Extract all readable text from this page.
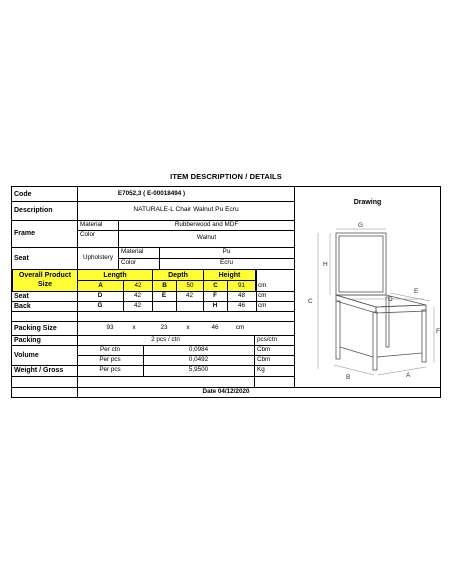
ITEM DESCRIPTION / DETAILS
Code	E7052,3 ( E-00018494 )
Description	NATURALE-L Chair Walnut Pu Ecru
Frame
Material	Rubberwood and MDF
Color	Walnut
Seat	Upholstery
Material	Pu
Color	Ecru
Overall Product
Size
Length	Depth	Height
A	42	B	50	C	91	cm
Seat	D	42	E	42	F	48	cm
Back	G	42	H	46	cm
Packing Size	93	x	23	x	46	cm
Packing	2 pcs / ctn	pcs/ctn
Volume
Per ctn	0,0984	Cbm
Per pcs	0,0492	Cbm
Weight / Gross	Per pcs	5,9500	Kg
Date 04/12/2020
Drawing
G
H
C
E
D
F
B	A
